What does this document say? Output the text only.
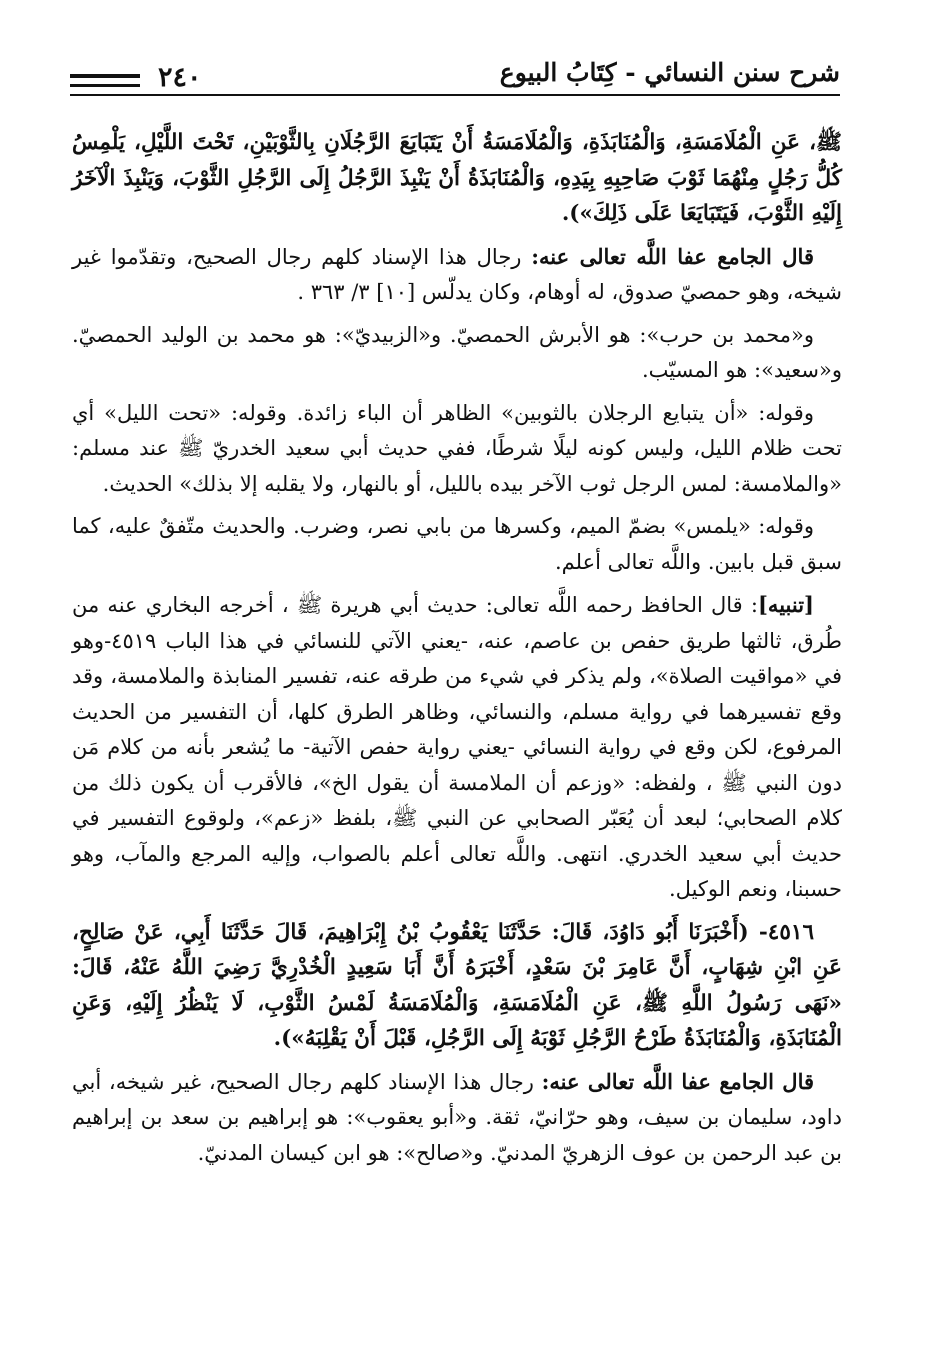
شرح سنن النسائي - كِتَابُ البيوع
٢٤٠

ﷺ، عَنِ الْمُلَامَسَةِ، وَالْمُنَابَذَةِ، وَالْمُلَامَسَةُ أَنْ يَتَبَايَعَ الرَّجُلَانِ بِالثَّوْبَيْنِ، تَحْتَ اللَّيْلِ، يَلْمِسُ كُلُّ رَجُلٍ مِنْهُمَا ثَوْبَ صَاحِبِهِ بِيَدِهِ، وَالْمُنَابَذَةُ أَنْ يَنْبِذَ الرَّجُلُ إِلَى الرَّجُلِ الثَّوْبَ، وَيَنْبِذَ الْآخَرُ إِلَيْهِ الثَّوْبَ، فَيَتَبَايَعَا عَلَى ذَلِكَ»).

قال الجامع عفا اللَّه تعالى عنه: رجال هذا الإسناد كلهم رجال الصحيح، وتقدّموا غير شيخه، وهو حمصيّ صدوق، له أوهام، وكان يدلّس [١٠] ٣/ ٣٦٣ .

و«محمد بن حرب»: هو الأبرش الحمصيّ. و«الزبيديّ»: هو محمد بن الوليد الحمصيّ. و«سعيد»: هو المسيّب.

وقوله: «أن يتبايع الرجلان بالثوبين» الظاهر أن الباء زائدة. وقوله: «تحت الليل» أي تحت ظلام الليل، وليس كونه ليلًا شرطًا، ففي حديث أبي سعيد الخدريّ ﷺ عند مسلم: «والملامسة: لمس الرجل ثوب الآخر بيده بالليل، أو بالنهار، ولا يقلبه إلا بذلك» الحديث.

وقوله: «يلمس» بضمّ الميم، وكسرها من بابي نصر، وضرب. والحديث متّفقٌ عليه، كما سبق قبل بابين. واللَّه تعالى أعلم.

[تنبيه]: قال الحافظ رحمه اللَّه تعالى: حديث أبي هريرة ﷺ ، أخرجه البخاري عنه من طُرق، ثالثها طريق حفص بن عاصم، عنه، -يعني الآتي للنسائي في هذا الباب ٤٥١٩-وهو في «مواقيت الصلاة»، ولم يذكر في شيء من طرقه عنه، تفسير المنابذة والملامسة، وقد وقع تفسيرهما في رواية مسلم، والنسائي، وظاهر الطرق كلها، أن التفسير من الحديث المرفوع، لكن وقع في رواية النسائي -يعني رواية حفص الآتية- ما يُشعر بأنه من كلام مَن دون النبي ﷺ ، ولفظه: «وزعم أن الملامسة أن يقول الخ»، فالأقرب أن يكون ذلك من كلام الصحابي؛ لبعد أن يُعَبّر الصحابي عن النبي ﷺ، بلفظ «زعم»، ولوقوع التفسير في حديث أبي سعيد الخدري. انتهى. واللَّه تعالى أعلم بالصواب، وإليه المرجع والمآب، وهو حسبنا، ونعم الوكيل.

٤٥١٦- (أَخْبَرَنَا أَبُو دَاوُدَ، قَالَ: حَدَّثَنَا يَعْقُوبُ بْنُ إِبْرَاهِيمَ، قَالَ حَدَّثَنَا أَبِي، عَنْ صَالِحٍ، عَنِ ابْنِ شِهَابٍ، أَنَّ عَامِرَ بْنَ سَعْدٍ، أَخْبَرَهُ أَنَّ أَبَا سَعِيدٍ الْخُدْرِيَّ رَضِيَ اللَّهُ عَنْهُ، قَالَ: «نَهَى رَسُولُ اللَّهِ ﷺ، عَنِ الْمُلَامَسَةِ، وَالْمُلَامَسَةُ لَمْسُ الثَّوْبِ، لَا يَنْظُرُ إِلَيْهِ، وَعَنِ الْمُنَابَذَةِ، وَالْمُنَابَذَةُ طَرْحُ الرَّجُلِ ثَوْبَهُ إِلَى الرَّجُلِ، قَبْلَ أَنْ يَقْلِبَهُ»).

قال الجامع عفا اللَّه تعالى عنه: رجال هذا الإسناد كلهم رجال الصحيح، غير شيخه، أبي داود، سليمان بن سيف، وهو حرّانيّ، ثقة. و«أبو يعقوب»: هو إبراهيم بن سعد بن إبراهيم بن عبد الرحمن بن عوف الزهريّ المدنيّ. و«صالح»: هو ابن كيسان المدنيّ.
